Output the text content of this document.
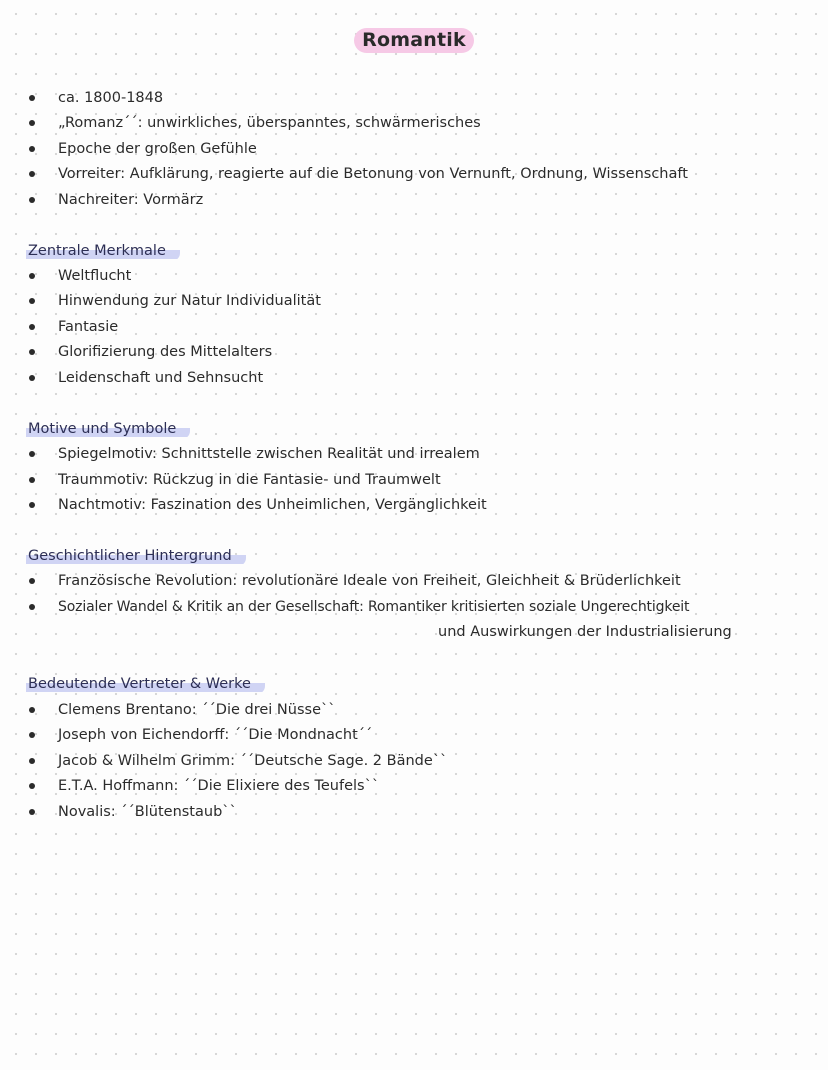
Romantik
ca. 1800-1848
„Romanz´´: unwirkliches, überspanntes, schwärmerisches
Epoche der großen Gefühle
Vorreiter: Aufklärung, reagierte auf die Betonung von Vernunft, Ordnung, Wissenschaft
Nachreiter: Vormärz
Zentrale Merkmale
Weltflucht
Hinwendung zur Natur Individualität
Fantasie
Glorifizierung des Mittelalters
Leidenschaft und Sehnsucht
Motive und Symbole
Spiegelmotiv: Schnittstelle zwischen Realität und irrealem
Traummotiv: Rückzug in die Fantasie- und Traumwelt
Nachtmotiv: Faszination des Unheimlichen, Vergänglichkeit
Geschichtlicher Hintergrund
Französische Revolution: revolutionäre Ideale von Freiheit, Gleichheit & Brüderlichkeit
Sozialer Wandel & Kritik an der Gesellschaft: Romantiker kritisierten soziale Ungerechtigkeit
und Auswirkungen der Industrialisierung
Bedeutende Vertreter & Werke
Clemens Brentano: ´´Die drei Nüsse``
Joseph von Eichendorff: ´´Die Mondnacht´´
Jacob & Wilhelm Grimm: ´´Deutsche Sage. 2 Bände``
E.T.A. Hoffmann: ´´Die Elixiere des Teufels``
Novalis: ´´Blütenstaub``
